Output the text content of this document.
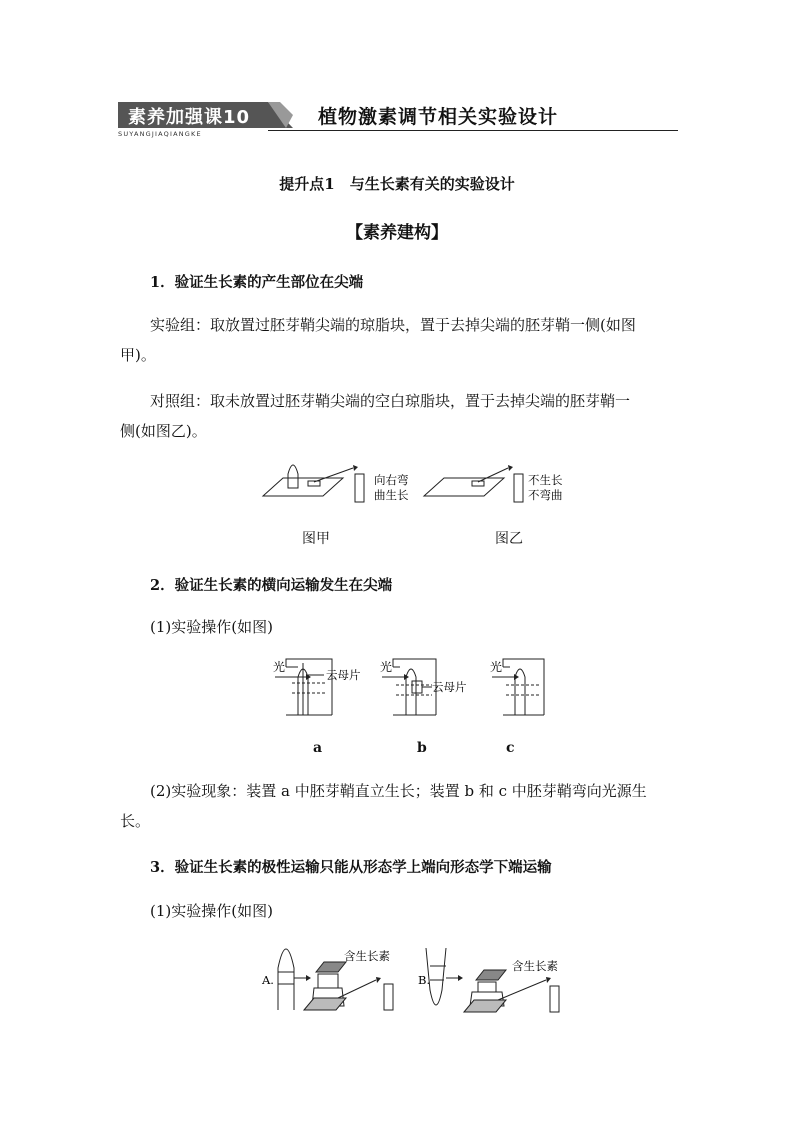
素养加强课10
SUYANGJIAQIANGKE
植物激素调节相关实验设计
提升点1　与生长素有关的实验设计
【素养建构】
1．验证生长素的产生部位在尖端
实验组：取放置过胚芽鞘尖端的琼脂块，置于去掉尖端的胚芽鞘一侧(如图
甲)。
对照组：取未放置过胚芽鞘尖端的空白琼脂块，置于去掉尖端的胚芽鞘一
侧(如图乙)。
向右弯
曲生长
不生长
不弯曲
图甲	图乙
2．验证生长素的横向运输发生在尖端
(1)实验操作(如图)
光
云母片
光
云母片
光
a	b	c
(2)实验现象：装置 a 中胚芽鞘直立生长；装置 b 和 c 中胚芽鞘弯向光源生
长。
3．验证生长素的极性运输只能从形态学上端向形态学下端运输
(1)实验操作(如图)
A.
含生长素
B.
含生长素
